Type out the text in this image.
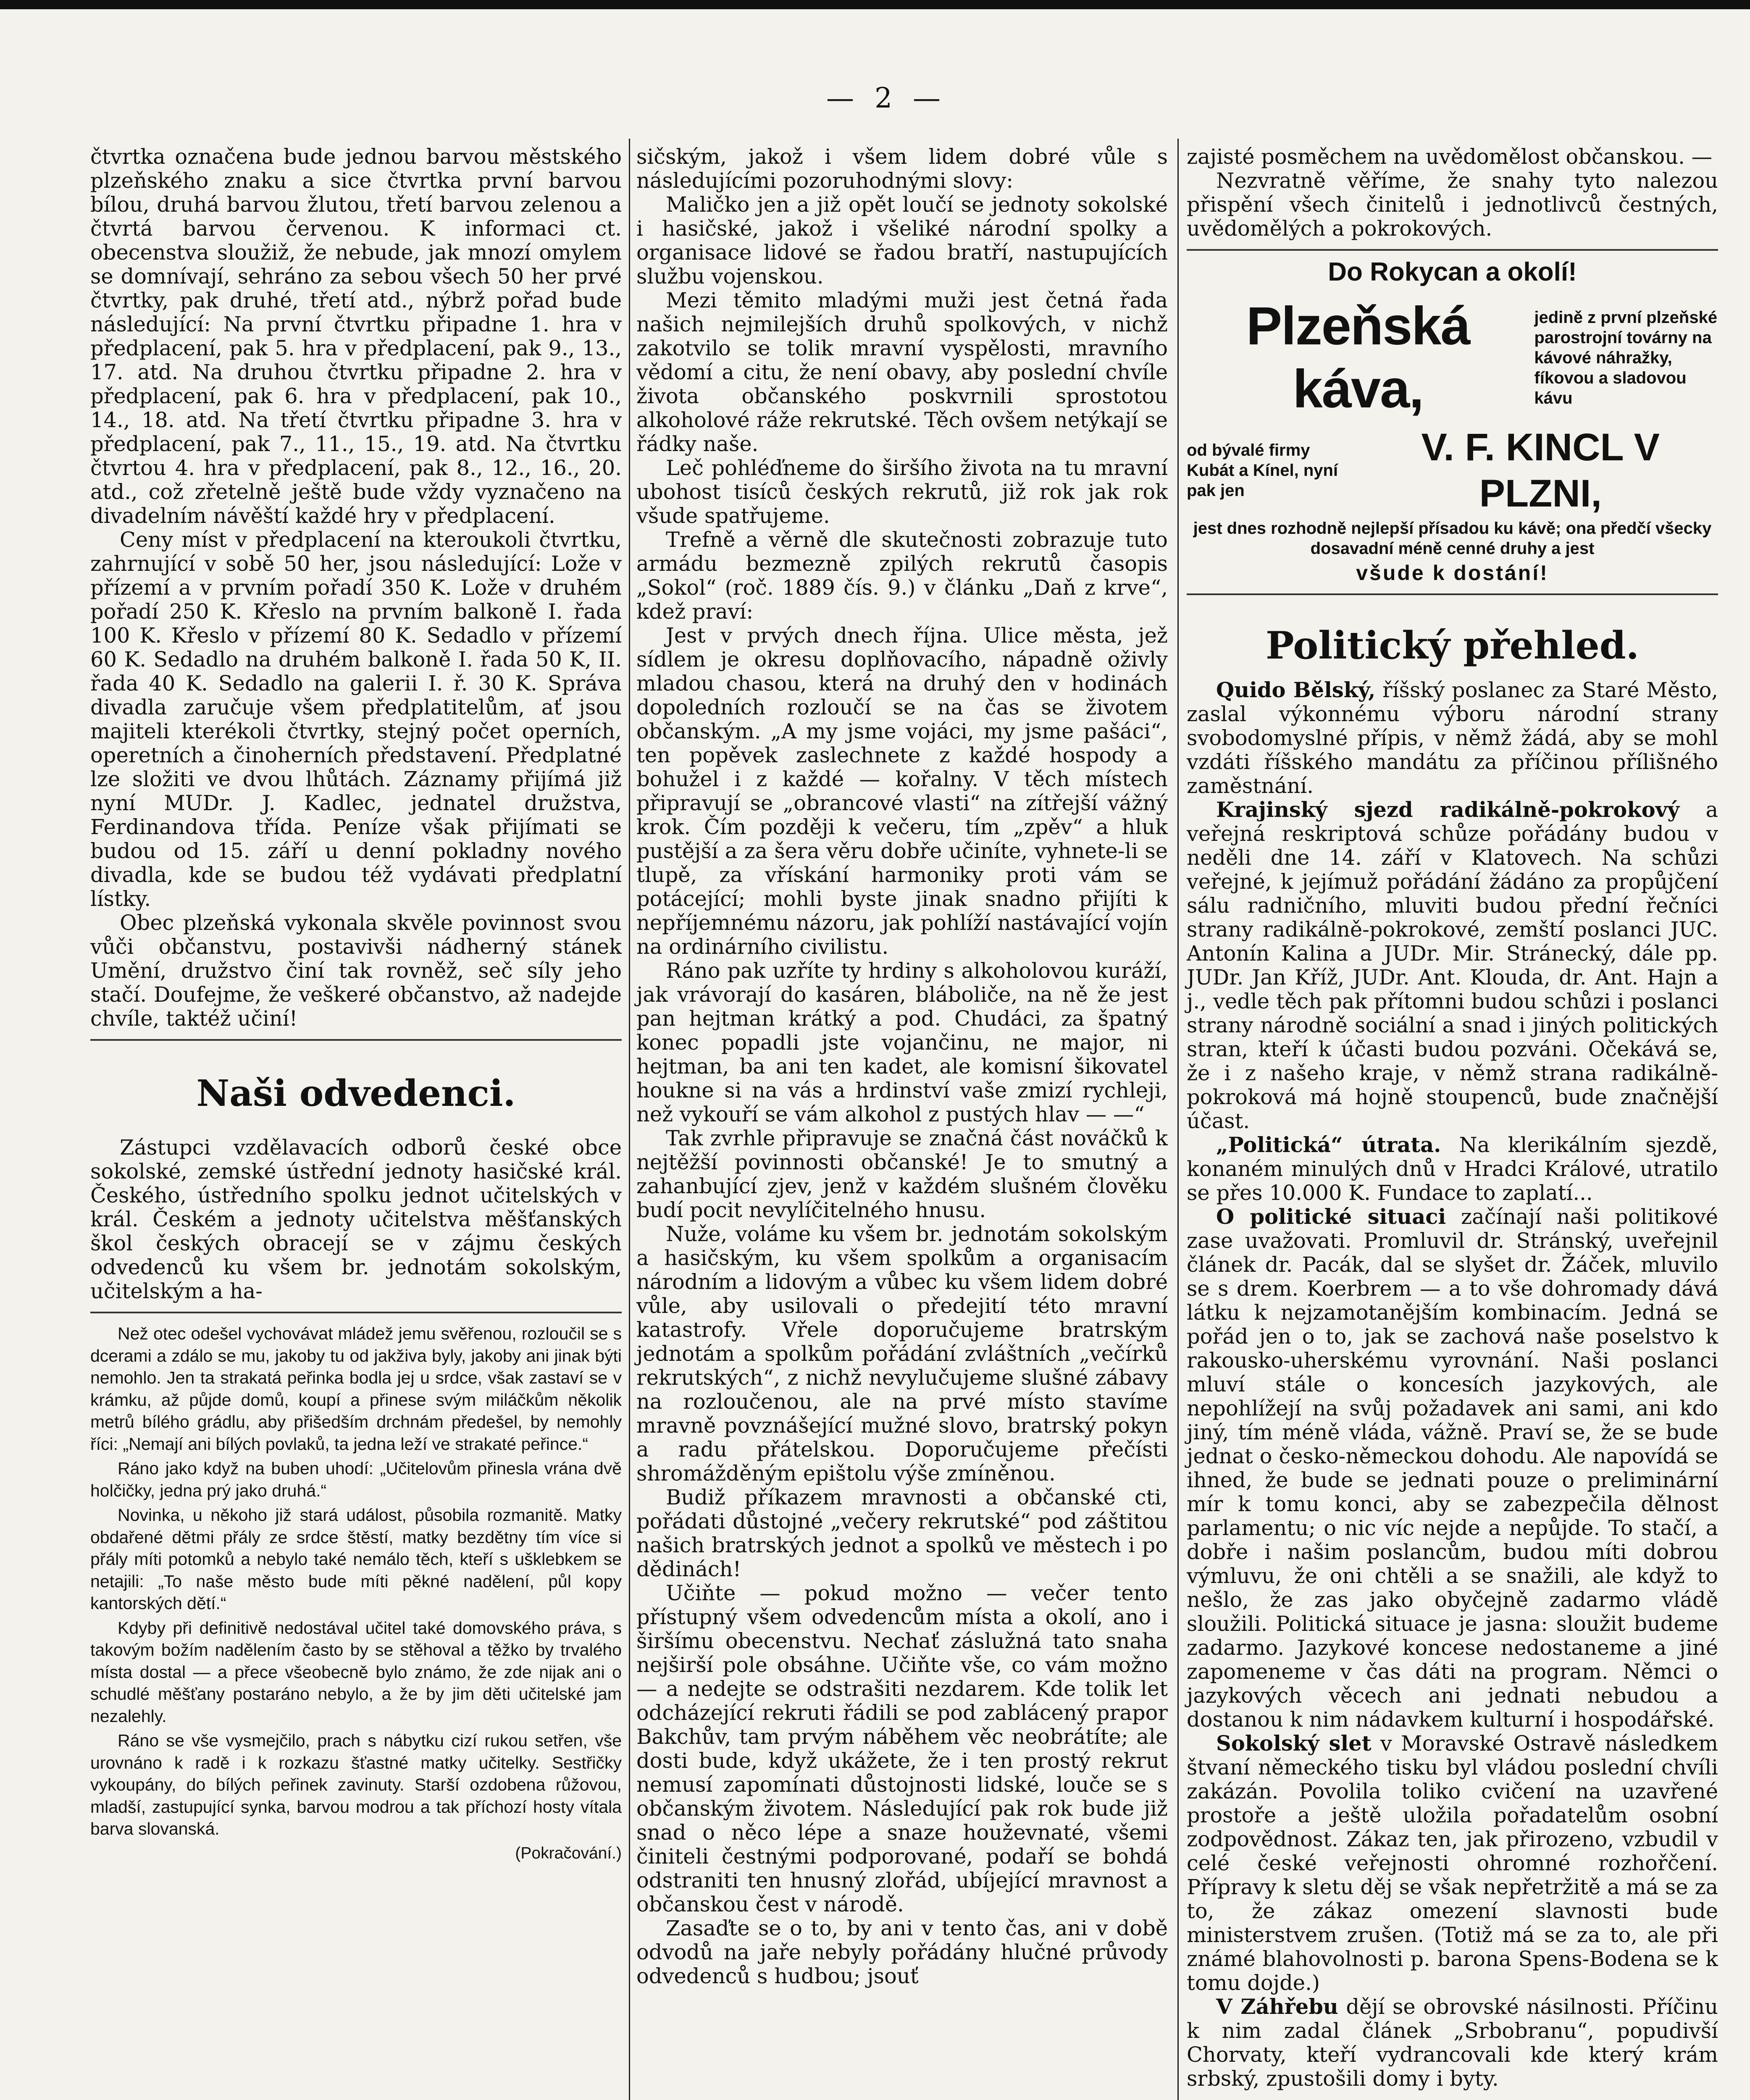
— 2 —

čtvrtka označena bude jednou barvou městského plzeňského znaku a sice čtvrtka první barvou bílou, druhá barvou žlutou, třetí barvou zelenou a čtvrtá barvou červenou. K informaci ct. obecenstva sloužiž, že nebude, jak mnozí omylem se domnívají, sehráno za sebou všech 50 her prvé čtvrtky, pak druhé, třetí atd., nýbrž pořad bude následující: Na první čtvrtku připadne 1. hra v předplacení, pak 5. hra v předplacení, pak 9., 13., 17. atd. Na druhou čtvrtku připadne 2. hra v předplacení, pak 6. hra v předplacení, pak 10., 14., 18. atd. Na třetí čtvrtku připadne 3. hra v předplacení, pak 7., 11., 15., 19. atd. Na čtvrtku čtvrtou 4. hra v předplacení, pak 8., 12., 16., 20. atd., což zřetelně ještě bude vždy vyznačeno na divadelním návěští každé hry v předplacení.

Ceny míst v předplacení na kteroukoli čtvrtku, zahrnující v sobě 50 her, jsou následující: Lože v přízemí a v prvním pořadí 350 K. Lože v druhém pořadí 250 K. Křeslo na prvním balkoně I. řada 100 K. Křeslo v přízemí 80 K. Sedadlo v přízemí 60 K. Sedadlo na druhém balkoně I. řada 50 K, II. řada 40 K. Sedadlo na galerii I. ř. 30 K. Správa divadla zaručuje všem předplatitelům, ať jsou majiteli kterékoli čtvrtky, stejný počet operních, operetních a činoherních představení. Předplatné lze složiti ve dvou lhůtách. Záznamy přijímá již nyní MUDr. J. Kadlec, jednatel družstva, Ferdinandova třída. Peníze však přijímati se budou od 15. září u denní pokladny nového divadla, kde se budou též vydávati předplatní lístky.

Obec plzeňská vykonala skvěle povinnost svou vůči občanstvu, postavivši nádherný stánek Umění, družstvo činí tak rovněž, seč síly jeho stačí. Doufejme, že veškeré občanstvo, až nadejde chvíle, taktéž učiní!

Naši odvedenci.

Zástupci vzdělavacích odborů české obce sokolské, zemské ústřední jednoty hasičské král. Českého, ústředního spolku jednot učitelských v král. Českém a jednoty učitelstva měšťanských škol českých obracejí se v zájmu českých odvedenců ku všem br. jednotám sokolským, učitelským a ha-

Než otec odešel vychovávat mládež jemu svěřenou, rozloučil se s dcerami a zdálo se mu, jakoby tu od jakživa byly, jakoby ani jinak býti nemohlo. Jen ta strakatá peřinka bodla jej u srdce, však zastaví se v krámku, až půjde domů, koupí a přinese svým miláčkům několik metrů bílého grádlu, aby přišedším drchnám předešel, by nemohly říci: „Nemají ani bílých povlaků, ta jedna leží ve strakaté peřince.“

Ráno jako když na buben uhodí: „Učitelovům přinesla vrána dvě holčičky, jedna prý jako druhá.“

Novinka, u někoho již stará událost, působila rozmanitě. Matky obdařené dětmi přály ze srdce štěstí, matky bezdětny tím více si přály míti potomků a nebylo také nemálo těch, kteří s ušklebkem se netajili: „To naše město bude míti pěkné nadělení, půl kopy kantorských dětí.“

Kdyby při definitivě nedostával učitel také domovského práva, s takovým božím nadělením často by se stěhoval a těžko by trvalého místa dostal — a přece všeobecně bylo známo, že zde nijak ani o schudlé měšťany postaráno nebylo, a že by jim děti učitelské jam nezalehly.

Ráno se vše vysmejčilo, prach s nábytku cizí rukou setřen, vše urovnáno k radě i k rozkazu šťastné matky učitelky. Sestřičky vykoupány, do bílých peřinek zavinuty. Starší ozdobena růžovou, mladší, zastupující synka, barvou modrou a tak příchozí hosty vítala barva slovanská.

(Pokračování.)

sičským, jakož i všem lidem dobré vůle s následujícími pozoruhodnými slovy:

Maličko jen a již opět loučí se jednoty sokolské i hasičské, jakož i všeliké národní spolky a organisace lidové se řadou bratří, nastupujících službu vojenskou.

Mezi těmito mladými muži jest četná řada našich nejmilejších druhů spolkových, v nichž zakotvilo se tolik mravní vyspělosti, mravního vědomí a citu, že není obavy, aby poslední chvíle života občanského poskvrnili sprostotou alkoholové ráže rekrutské. Těch ovšem netýkají se řádky naše.

Leč pohléďneme do širšího života na tu mravní ubohost tisíců českých rekrutů, již rok jak rok všude spatřujeme.

Trefně a věrně dle skutečnosti zobrazuje tuto armádu bezmezně zpilých rekrutů časopis „Sokol“ (roč. 1889 čís. 9.) v článku „Daň z krve“, kdež praví:

Jest v prvých dnech října. Ulice města, jež sídlem je okresu doplňovacího, nápadně oživly mladou chasou, která na druhý den v hodinách dopoledních rozloučí se na čas se životem občanským. „A my jsme vojáci, my jsme pašáci“, ten popěvek zaslechnete z každé hospody a bohužel i z každé — kořalny. V těch místech připravují se „obrancové vlasti“ na zítřejší vážný krok. Čím později k večeru, tím „zpěv“ a hluk pustější a za šera věru dobře učiníte, vyhnete-li se tlupě, za vřískání harmoniky proti vám se potácející; mohli byste jinak snadno přijíti k nepříjemnému názoru, jak pohlíží nastávající vojín na ordinárního civilistu.

Ráno pak uzříte ty hrdiny s alkoholovou kuráží, jak vrávorají do kasáren, bláboliče, na ně že jest pan hejtman krátký a pod. Chudáci, za špatný konec popadli jste vojančinu, ne major, ni hejtman, ba ani ten kadet, ale komisní šikovatel houkne si na vás a hrdinství vaše zmizí rychleji, než vykouří se vám alkohol z pustých hlav — —“

Tak zvrhle připravuje se značná část nováčků k nejtěžší povinnosti občanské! Je to smutný a zahanbující zjev, jenž v každém slušném člověku budí pocit nevylíčitelného hnusu.

Nuže, voláme ku všem br. jednotám sokolským a hasičským, ku všem spolkům a organisacím národním a lidovým a vůbec ku všem lidem dobré vůle, aby usilovali o předejití této mravní katastrofy. Vřele doporučujeme bratrským jednotám a spolkům pořádání zvláštních „večírků rekrutských“, z nichž nevylučujeme slušné zábavy na rozloučenou, ale na prvé místo stavíme mravně povznášející mužné slovo, bratrský pokyn a radu přátelskou. Doporučujeme přečísti shromážděným epištolu výše zmíněnou.

Budiž příkazem mravnosti a občanské cti, pořádati důstojné „večery rekrutské“ pod záštitou našich bratrských jednot a spolků ve městech i po dědinách!

Učiňte — pokud možno — večer tento přístupný všem odvedencům místa a okolí, ano i širšímu obecenstvu. Nechať záslužná tato snaha nejširší pole obsáhne. Učiňte vše, co vám možno — a nedejte se odstrašiti nezdarem. Kde tolik let odcházející rekruti řádili se pod zablácený prapor Bakchův, tam prvým náběhem věc neobrátíte; ale dosti bude, když ukážete, že i ten prostý rekrut nemusí zapomínati důstojnosti lidské, louče se s občanským životem. Následující pak rok bude již snad o něco lépe a snaze houževnaté, všemi činiteli čestnými podporované, podaří se bohdá odstraniti ten hnusný zlořád, ubíjející mravnost a občanskou čest v národě.

Zasaďte se o to, by ani v tento čas, ani v době odvodů na jaře nebyly pořádány hlučné průvody odvedenců s hudbou; jsouť

zajisté posměchem na uvědomělost občanskou. —

Nezvratně věříme, že snahy tyto nalezou přispění všech činitelů i jednotlivců čestných, uvědomělých a pokrokových.

Do Rokycan a okolí!
Plzeňská káva,
jedině z první plzeňské parostrojní továrny na kávové náhražky, fíkovou a sladovou kávu
od bývalé firmy Kubát a Kínel, nyní pak jen
V. F. KINCL V PLZNI,
jest dnes rozhodně nejlepší přísadou ku kávě; ona předčí všecky dosavadní méně cenné druhy a jest
všude k dostání!
Politický přehled.

Quido Bělský, říšský poslanec za Staré Město, zaslal výkonnému výboru národní strany svobodomyslné přípis, v němž žádá, aby se mohl vzdáti říšského mandátu za příčinou přílišného zaměstnání.

Krajinský sjezd radikálně-pokrokový a veřejná reskriptová schůze pořádány budou v neděli dne 14. září v Klatovech. Na schůzi veřejné, k jejímuž pořádání žádáno za propůjčení sálu radničního, mluviti budou přední řečníci strany radikálně-pokrokové, zemští poslanci JUC. Antonín Kalina a JUDr. Mir. Stránecký, dále pp. JUDr. Jan Kříž, JUDr. Ant. Klouda, dr. Ant. Hajn a j., vedle těch pak přítomni budou schůzi i poslanci strany národně sociální a snad i jiných politických stran, kteří k účasti budou pozváni. Očekává se, že i z našeho kraje, v němž strana radikálně-pokroková má hojně stoupenců, bude značnější účast.

„Politická“ útrata. Na klerikálním sjezdě, konaném minulých dnů v Hradci Králové, utratilo se přes 10.000 K. Fundace to zaplatí...

O politické situaci začínají naši politikové zase uvažovati. Promluvil dr. Stránský, uveřejnil článek dr. Pacák, dal se slyšet dr. Žáček, mluvilo se s drem. Koerbrem — a to vše dohromady dává látku k nejzamotanějším kombinacím. Jedná se pořád jen o to, jak se zachová naše poselstvo k rakousko-uherskému vyrovnání. Naši poslanci mluví stále o koncesích jazykových, ale nepohlížejí na svůj požadavek ani sami, ani kdo jiný, tím méně vláda, vážně. Praví se, že se bude jednat o česko-německou dohodu. Ale napovídá se ihned, že bude se jednati pouze o preliminární mír k tomu konci, aby se zabezpečila dělnost parlamentu; o nic víc nejde a nepůjde. To stačí, a dobře i našim poslancům, budou míti dobrou výmluvu, že oni chtěli a se snažili, ale když to nešlo, že zas jako obyčejně zadarmo vládě sloužili. Politická situace je jasna: sloužit budeme zadarmo. Jazykové koncese nedostaneme a jiné zapomeneme v čas dáti na program. Němci o jazykových věcech ani jednati nebudou a dostanou k nim nádavkem kulturní i hospodářské.

Sokolský slet v Moravské Ostravě následkem štvaní německého tisku byl vládou poslední chvíli zakázán. Povolila toliko cvičení na uzavřené prostoře a ještě uložila pořadatelům osobní zodpovědnost. Zákaz ten, jak přirozeno, vzbudil v celé české veřejnosti ohromné rozhořčení. Přípravy k sletu děj se však nepřetržitě a má se za to, že zákaz omezení slavnosti bude ministerstvem zrušen. (Totiž má se za to, ale při známé blahovolnosti p. barona Spens-Bodena se k tomu dojde.)

V Záhřebu dějí se obrovské násilnosti. Příčinu k nim zadal článek „Srbobranu“, popudivší Chorvaty, kteří vydrancovali kde který krám srbský, zpustošili domy i byty.
